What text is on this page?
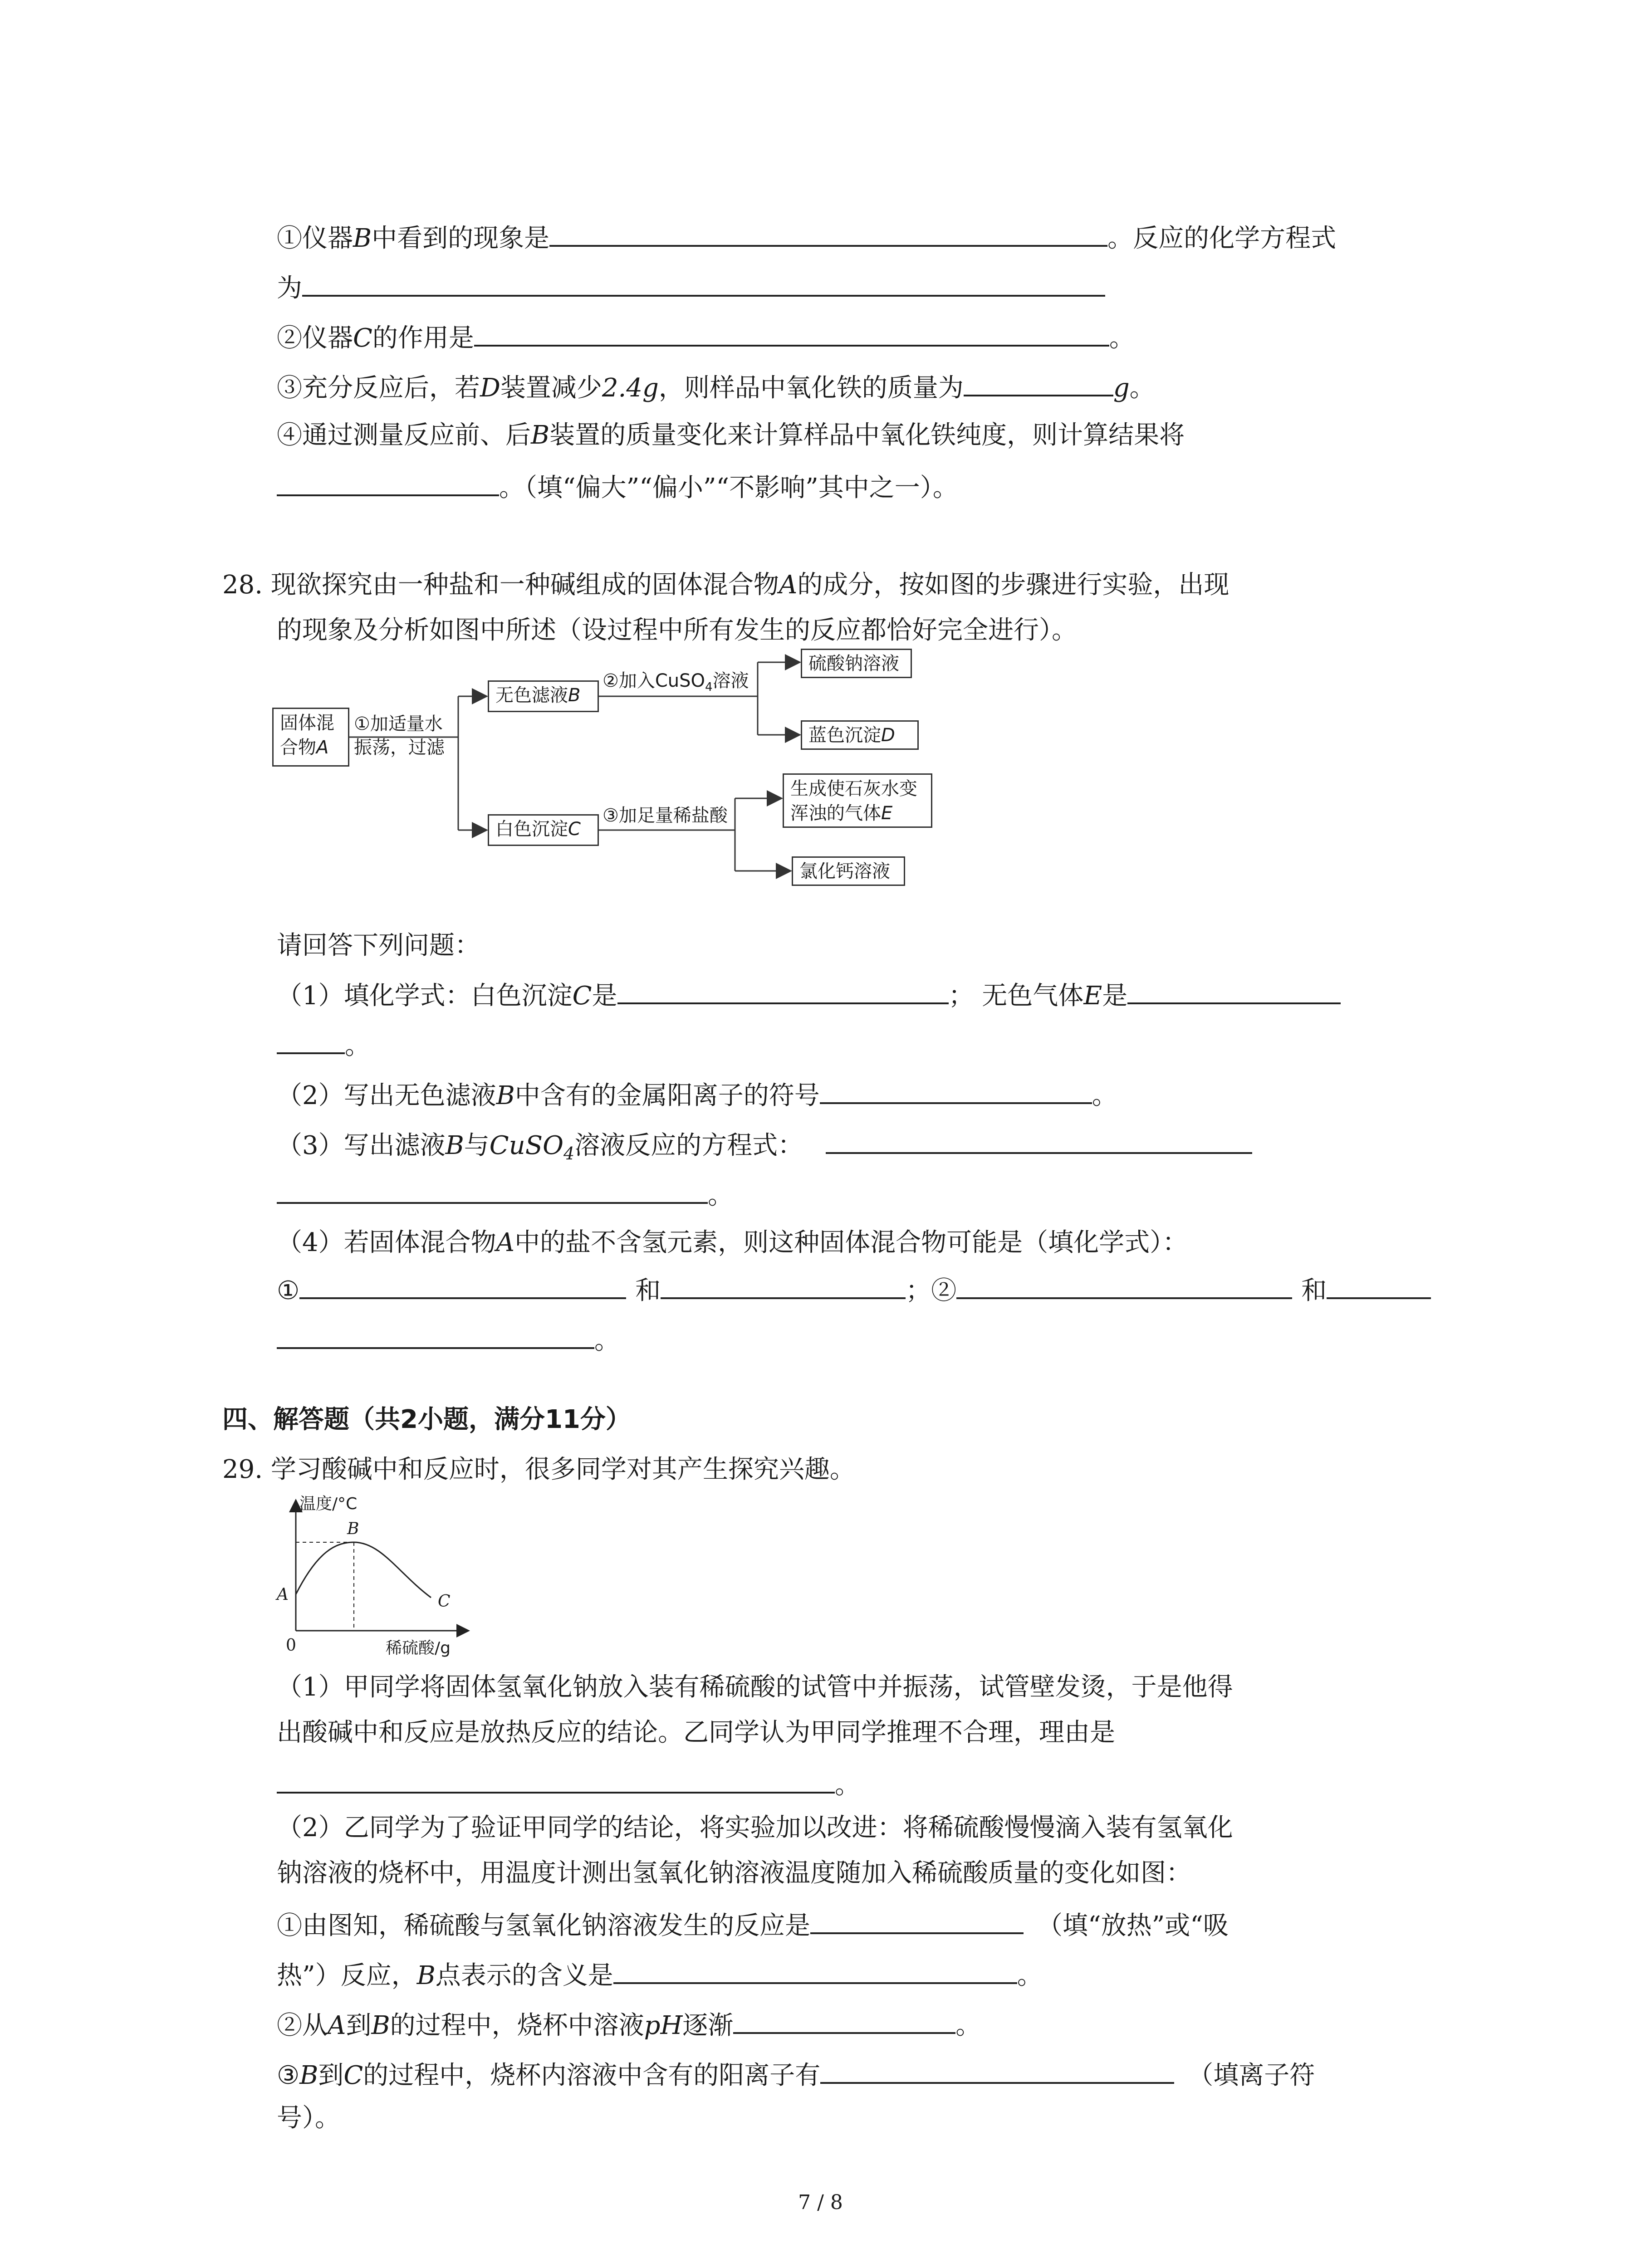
①仪器B中看到的现象是	。反应的化学方程式
为
②仪器C的作用是	。
③充分反应后，若D装置减少2.4g，则样品中氧化铁的质量为	g。
④通过测量反应前、后B装置的质量变化来计算样品中氧化铁纯度，则计算结果将
。（填“偏大”“偏小”“不影响”其中之一）。
28. 现欲探究由一种盐和一种碱组成的固体混合物A的成分，按如图的步骤进行实验，出现
的现象及分析如图中所述（设过程中所有发生的反应都恰好完全进行）。
固体混
合物A
①加适量水
振荡，过滤
无色滤液B
②加入CuSO$_4$溶液
硫酸钠溶液
蓝色沉淀D
白色沉淀C
③加足量稀盐酸
生成使石灰水变
浑浊的气体E
氯化钙溶液
请回答下列问题：
（1）填化学式：白色沉淀C是	； 无色气体E是
。
（2）写出无色滤液B中含有的金属阳离子的符号	。
（3）写出滤液B与CuSO$_4$溶液反应的方程式：
。
（4）若固体混合物A中的盐不含氢元素，则这种固体混合物可能是（填化学式）：
①	和	；②	和
。
四、解答题（共2小题，满分11分）
29. 学习酸碱中和反应时，很多同学对其产生探究兴趣。
温度/°C
B
A	C
0	稀硫酸/g
（1）甲同学将固体氢氧化钠放入装有稀硫酸的试管中并振荡，试管壁发烫，于是他得
出酸碱中和反应是放热反应的结论。乙同学认为甲同学推理不合理，理由是
。
（2）乙同学为了验证甲同学的结论，将实验加以改进：将稀硫酸慢慢滴入装有氢氧化
钠溶液的烧杯中，用温度计测出氢氧化钠溶液温度随加入稀硫酸质量的变化如图：
①由图知，稀硫酸与氢氧化钠溶液发生的反应是	（填“放热”或“吸
热”）反应，B点表示的含义是	。
②从A到B的过程中，烧杯中溶液pH逐渐	。
③B到C的过程中，烧杯内溶液中含有的阳离子有	（填离子符
号）。
7 / 8
